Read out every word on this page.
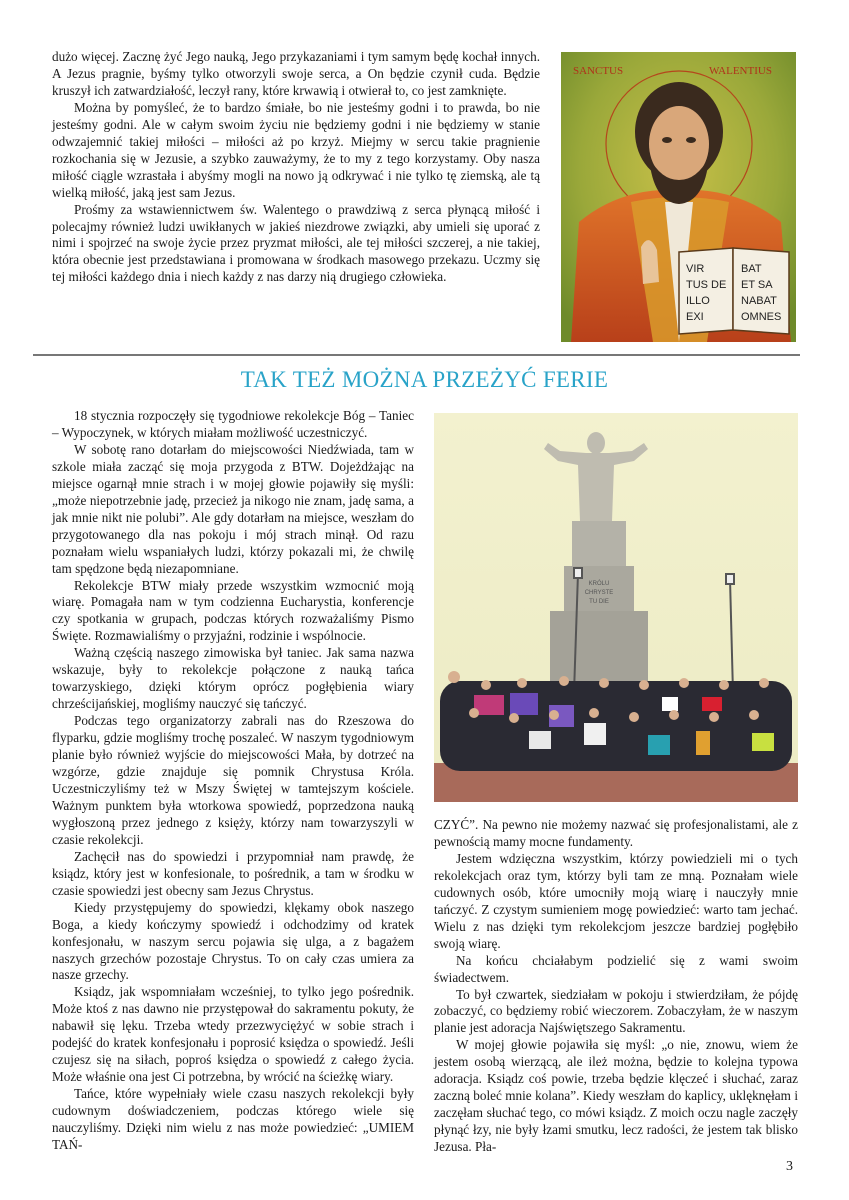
dużo więcej. Zacznę żyć Jego nauką, Jego przykazaniami i tym samym będę kochał innych. A Jezus pragnie, byśmy tylko otworzyli swoje serca, a On będzie czynił cuda. Będzie kruszył ich zatwardziałość, leczył rany, które krwawią i otwierał to, co jest zamknięte.

Można by pomyśleć, że to bardzo śmiałe, bo nie jesteśmy godni i to prawda, bo nie jesteśmy godni. Ale w całym swoim życiu nie będziemy godni i nie będziemy w stanie odwzajemnić takiej miłości – miłości aż po krzyż. Miejmy w sercu takie pragnienie rozkochania się w Jezusie, a szybko zauważymy, że to my z tego korzystamy. Oby nasza miłość ciągle wzrastała i abyśmy mogli na nowo ją odkrywać i nie tylko tę ziemską, ale tą wielką miłość, jaką jest sam Jezus.

Prośmy za wstawiennictwem św. Walentego o prawdziwą z serca płynącą miłość i polecajmy również ludzi uwikłanych w jakieś niezdrowe związki, aby umieli się uporać z nimi i spojrzeć na swoje życie przez pryzmat miłości, ale tej miłości szczerej, a nie takiej, która obecnie jest przedstawiana i promowana w środkach masowego przekazu. Uczmy się tej miłości każdego dnia i niech każdy z nas darzy nią drugiego człowieka.

SANCTUS	WALENTIUS
VIR
TUS DE
ILLO
EXI
BAT
ET SA
NABAT
OMNES
TAK TEŻ MOŻNA PRZEŻYĆ FERIE

18 stycznia rozpoczęły się tygodniowe rekolekcje Bóg – Taniec – Wypoczynek, w których miałam możliwość uczestniczyć.

W sobotę rano dotarłam do miejscowości Niedźwiada, tam w szkole miała zacząć się moja przygoda z BTW. Dojeżdżając na miejsce ogarnął mnie strach i w mojej głowie pojawiły się myśli: „może niepotrzebnie jadę, przecież ja nikogo nie znam, jadę sama, a jak mnie nikt nie polubi”. Ale gdy dotarłam na miejsce, weszłam do przygotowanego dla nas pokoju i mój strach minął. Od razu poznałam wielu wspaniałych ludzi, którzy pokazali mi, że chwilę tam spędzone będą niezapomniane.

Rekolekcje BTW miały przede wszystkim wzmocnić moją wiarę. Pomagała nam w tym codzienna Eucharystia, konferencje czy spotkania w grupach, podczas których rozważaliśmy Pismo Święte. Rozmawialiśmy o przyjaźni, rodzinie i wspólnocie.

Ważną częścią naszego zimowiska był taniec. Jak sama nazwa wskazuje, były to rekolekcje połączone z nauką tańca towarzyskiego, dzięki którym oprócz pogłębienia wiary chrześcijańskiej, mogliśmy nauczyć się tańczyć.

Podczas tego organizatorzy zabrali nas do Rzeszowa do flyparku, gdzie mogliśmy trochę poszaleć. W naszym tygodniowym planie było również wyjście do miejscowości Mała, by dotrzeć na wzgórze, gdzie znajduje się pomnik Chrystusa Króla. Uczestniczyliśmy też w Mszy Świętej w tamtejszym kościele. Ważnym punktem była wtorkowa spowiedź, poprzedzona nauką wygłoszoną przez jednego z księży, którzy nam towarzyszyli w czasie rekolekcji.

Zachęcił nas do spowiedzi i przypomniał nam prawdę, że ksiądz, który jest w konfesionale, to pośrednik, a tam w środku w czasie spowiedzi jest obecny sam Jezus Chrystus.

Kiedy przystępujemy do spowiedzi, klękamy obok naszego Boga, a kiedy kończymy spowiedź i odchodzimy od kratek konfesjonału, w naszym sercu pojawia się ulga, a z bagażem naszych grzechów pozostaje Chrystus. To on cały czas umiera za nasze grzechy.

Ksiądz, jak wspomniałam wcześniej, to tylko jego pośrednik. Może ktoś z nas dawno nie przystępował do sakramentu pokuty, że nabawił się lęku. Trzeba wtedy przezwyciężyć w sobie strach i podejść do kratek konfesjonału i poprosić księdza o spowiedź. Jeśli czujesz się na siłach, poproś księdza o spowiedź z całego życia. Może właśnie ona jest Ci potrzebna, by wrócić na ścieżkę wiary.

Tańce, które wypełniały wiele czasu naszych rekolekcji były cudownym doświadczeniem, podczas którego wiele się nauczyliśmy. Dzięki nim wielu z nas może powiedzieć: „UMIEM TAŃ-

KRÓLU
CHRYSTE
TU DIE

CZYĆ”. Na pewno nie możemy nazwać się profesjonalistami, ale z pewnością mamy mocne fundamenty.

Jestem wdzięczna wszystkim, którzy powiedzieli mi o tych rekolekcjach oraz tym, którzy byli tam ze mną. Poznałam wiele cudownych osób, które umocniły moją wiarę i nauczyły mnie tańczyć. Z czystym sumieniem mogę powiedzieć: warto tam jechać. Wielu z nas dzięki tym rekolekcjom jeszcze bardziej pogłębiło swoją wiarę.

Na końcu chciałabym podzielić się z wami swoim świadectwem.

To był czwartek, siedziałam w pokoju i stwierdziłam, że pójdę zobaczyć, co będziemy robić wieczorem. Zobaczyłam, że w naszym planie jest adoracja Najświętszego Sakramentu.

W mojej głowie pojawiła się myśl: „o nie, znowu, wiem że jestem osobą wierzącą, ale ileż można, będzie to kolejna typowa adoracja. Ksiądz coś powie, trzeba będzie klęczeć i słuchać, zaraz zaczną boleć mnie kolana”. Kiedy weszłam do kaplicy, uklęknęłam i zaczęłam słuchać tego, co mówi ksiądz. Z moich oczu nagle zaczęły płynąć łzy, nie były łzami smutku, lecz radości, że jestem tak blisko Jezusa. Pła-

3
